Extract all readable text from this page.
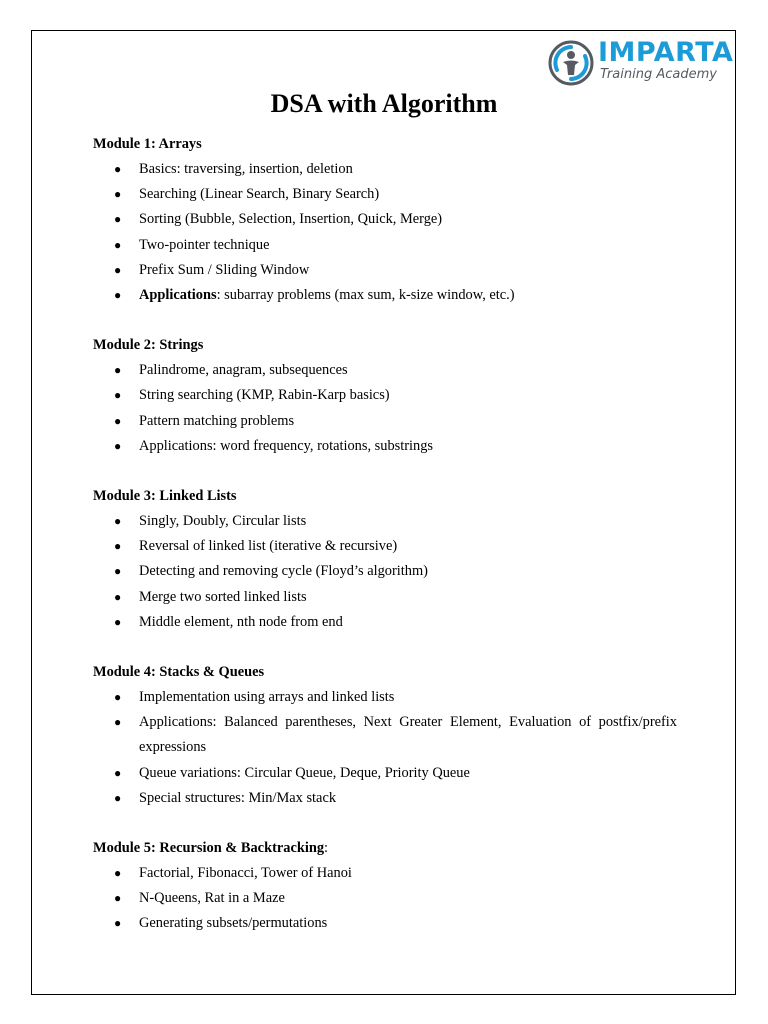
IMPARTA
Training Academy
DSA with Algorithm
Module 1: Arrays
● Basics: traversing, insertion, deletion
● Searching (Linear Search, Binary Search)
● Sorting (Bubble, Selection, Insertion, Quick, Merge)
● Two-pointer technique
● Prefix Sum / Sliding Window
● Applications: subarray problems (max sum, k-size window, etc.)
Module 2: Strings
● Palindrome, anagram, subsequences
● String searching (KMP, Rabin-Karp basics)
● Pattern matching problems
● Applications: word frequency, rotations, substrings
Module 3: Linked Lists
● Singly, Doubly, Circular lists
● Reversal of linked list (iterative & recursive)
● Detecting and removing cycle (Floyd’s algorithm)
● Merge two sorted linked lists
● Middle element, nth node from end
Module 4: Stacks & Queues
● Implementation using arrays and linked lists
● Applications: Balanced parentheses, Next Greater Element, Evaluation of postfix/prefix expressions
● Queue variations: Circular Queue, Deque, Priority Queue
● Special structures: Min/Max stack
Module 5: Recursion & Backtracking:
● Factorial, Fibonacci, Tower of Hanoi
● N-Queens, Rat in a Maze
● Generating subsets/permutations
